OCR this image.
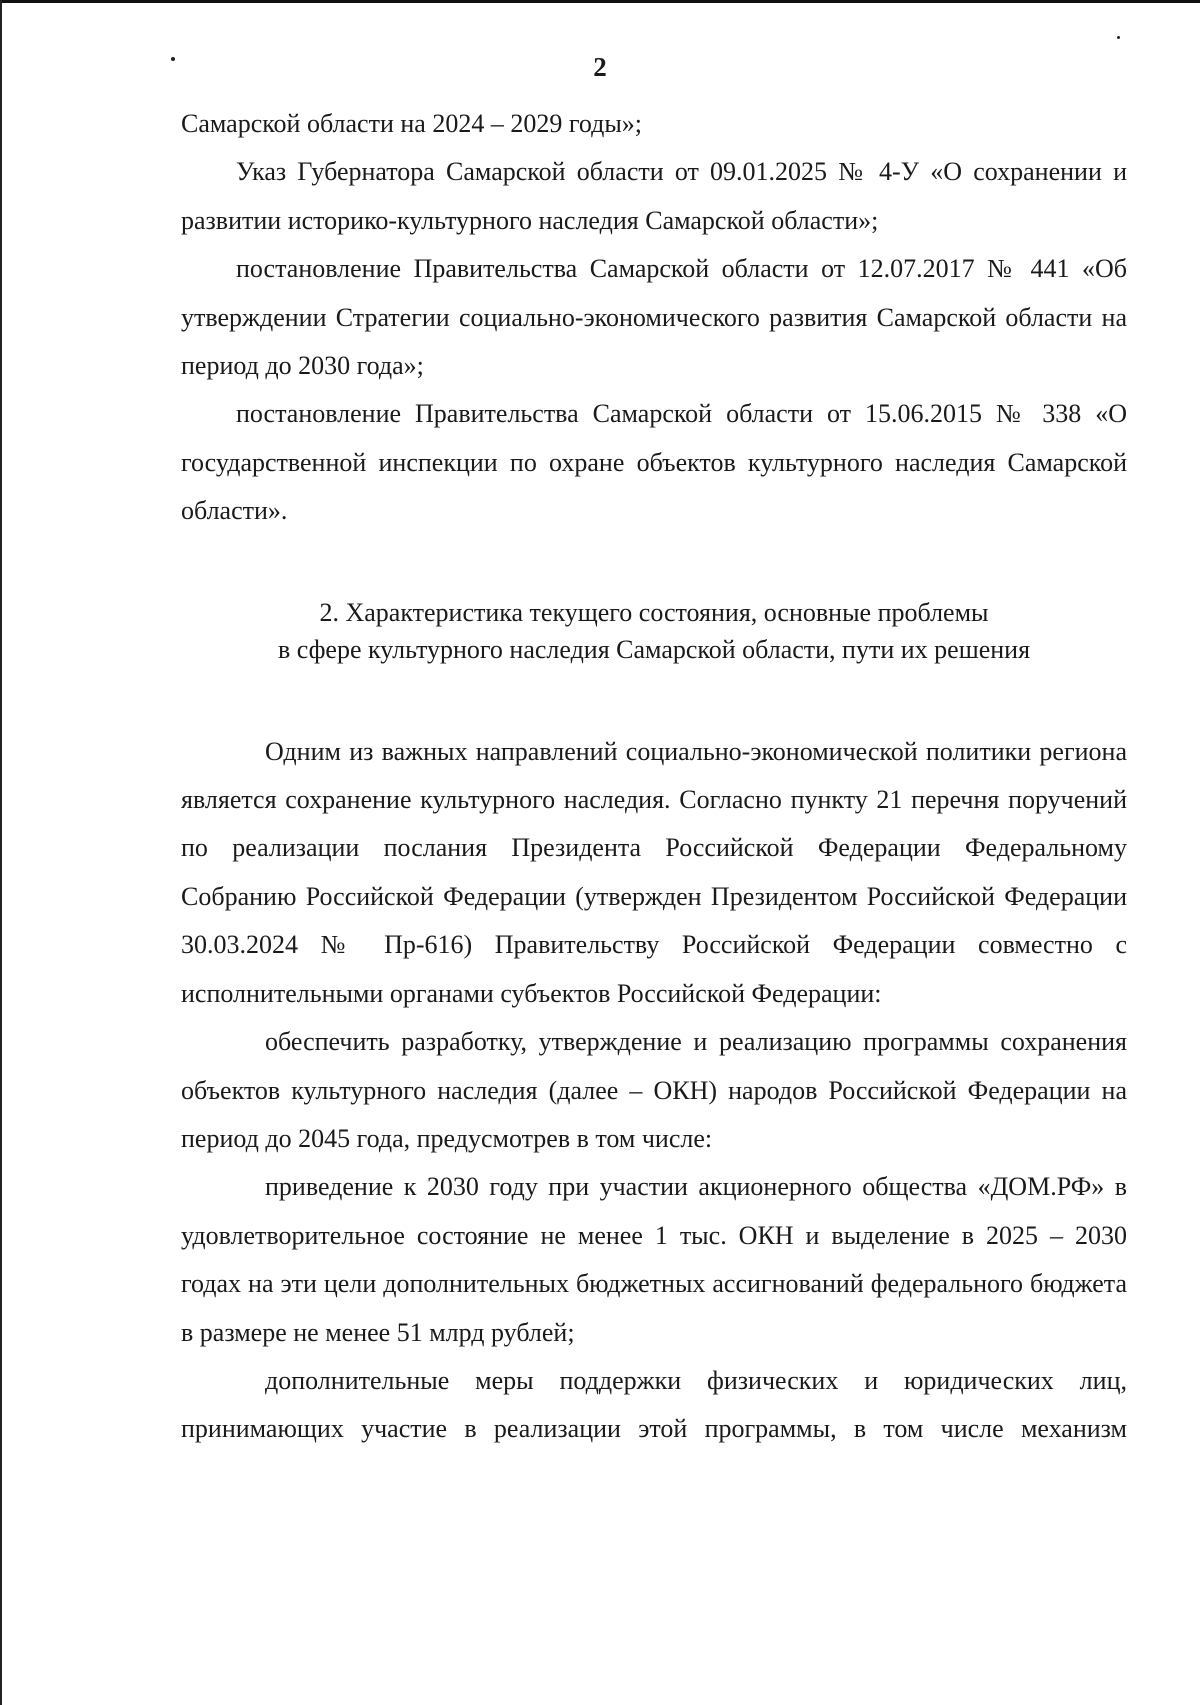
2

Самарской области на 2024 – 2029 годы»;

Указ Губернатора Самарской области от 09.01.2025 № 4-У «О сохранении и развитии историко-культурного наследия Самарской области»;

постановление Правительства Самарской области от 12.07.2017 № 441 «Об утверждении Стратегии социально-экономического развития Самарской области на период до 2030 года»;

постановление Правительства Самарской области от 15.06.2015 № 338 «О государственной инспекции по охране объектов культурного наследия Самарской области».

2. Характеристика текущего состояния, основные проблемы
в сфере культурного наследия Самарской области, пути их решения

Одним из важных направлений социально-экономической политики региона является сохранение культурного наследия. Согласно пункту 21 перечня поручений по реализации послания Президента Российской Федерации Федеральному Собранию Российской Федерации (утвержден Президентом Российской Федерации 30.03.2024 № Пр-616) Правительству Российской Федерации совместно с исполнительными органами субъектов Российской Федерации:

обеспечить разработку, утверждение и реализацию программы сохранения объектов культурного наследия (далее – ОКН) народов Российской Федерации на период до 2045 года, предусмотрев в том числе:

приведение к 2030 году при участии акционерного общества «ДОМ.РФ» в удовлетворительное состояние не менее 1 тыс. ОКН и выделение в 2025 – 2030 годах на эти цели дополнительных бюджетных ассигнований федерального бюджета в размере не менее 51 млрд рублей;

дополнительные меры поддержки физических и юридических лиц, принимающих участие в реализации этой программы, в том числе механизм
